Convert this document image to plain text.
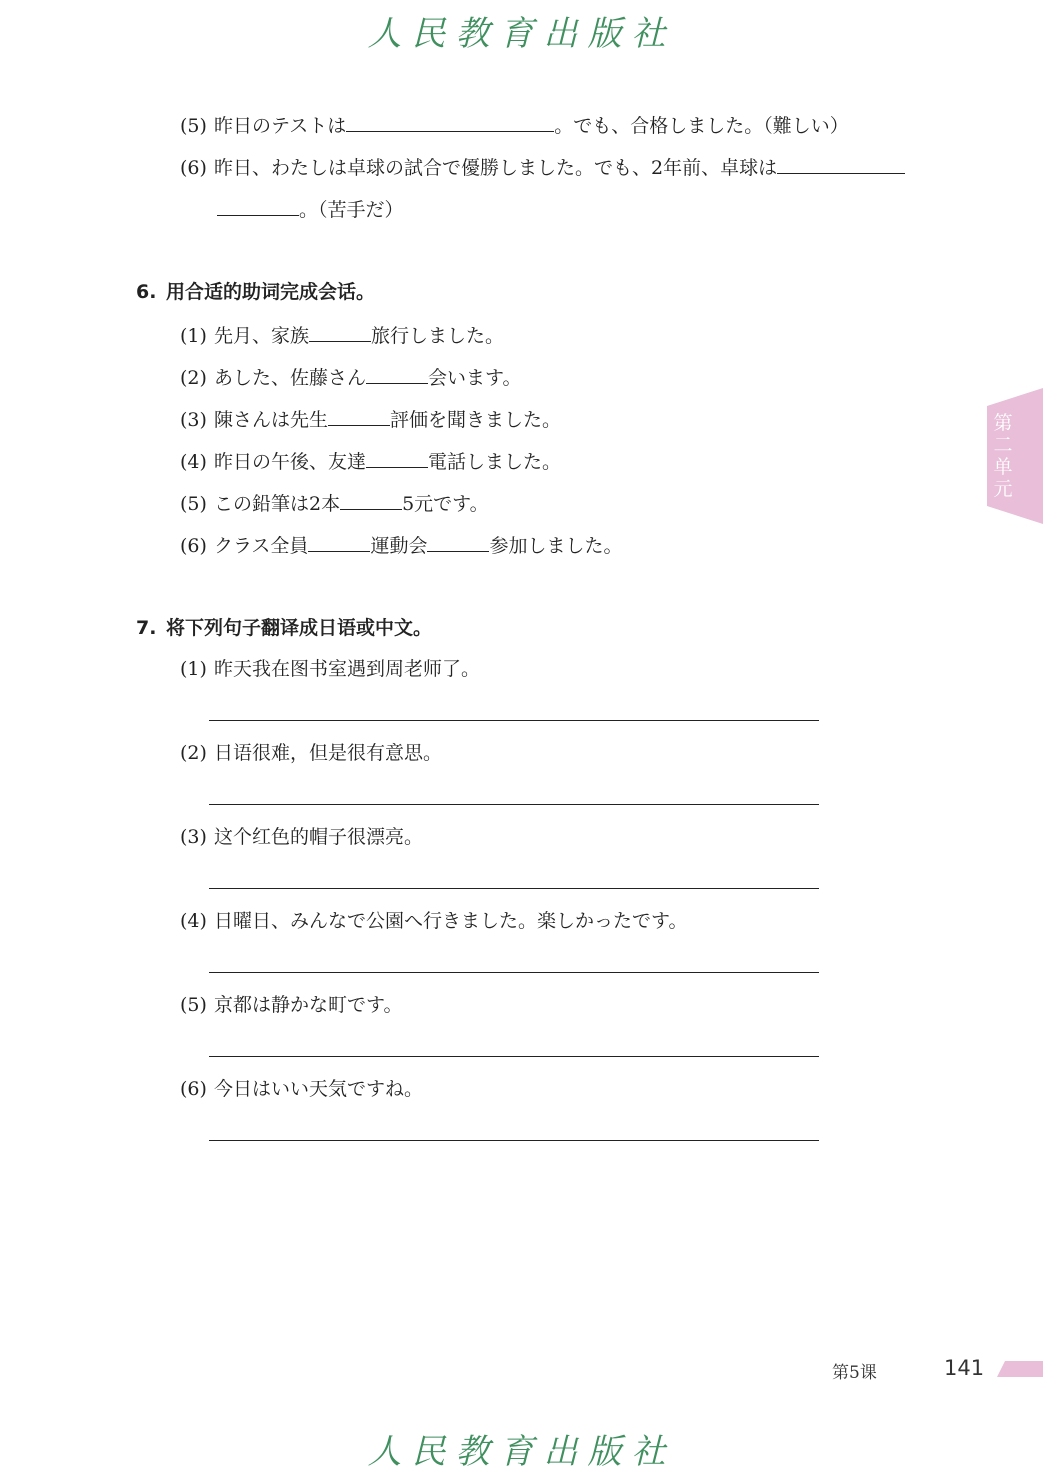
人民教育出版社
(5) 昨日のテストは	。でも、合格しました。（難しい）
(6) 昨日、わたしは卓球の試合で優勝しました。でも、2年前、卓球は
。（苦手だ）
6. 用合适的助词完成会话。
(1) 先月、家族	旅行しました。
(2) あした、佐藤さん	会います。
(3) 陳さんは先生	評価を聞きました。
(4) 昨日の午後、友達	電話しました。
(5) この鉛筆は2本	5元です。
(6) クラス全員	運動会	参加しました。
7. 将下列句子翻译成日语或中文。
(1) 昨天我在图书室遇到周老师了。
(2) 日语很难，但是很有意思。
(3) 这个红色的帽子很漂亮。
(4) 日曜日、みんなで公園へ行きました。楽しかったです。
(5) 京都は静かな町です。
(6) 今日はいい天気ですね。
第二单元
第5课	141
人民教育出版社
